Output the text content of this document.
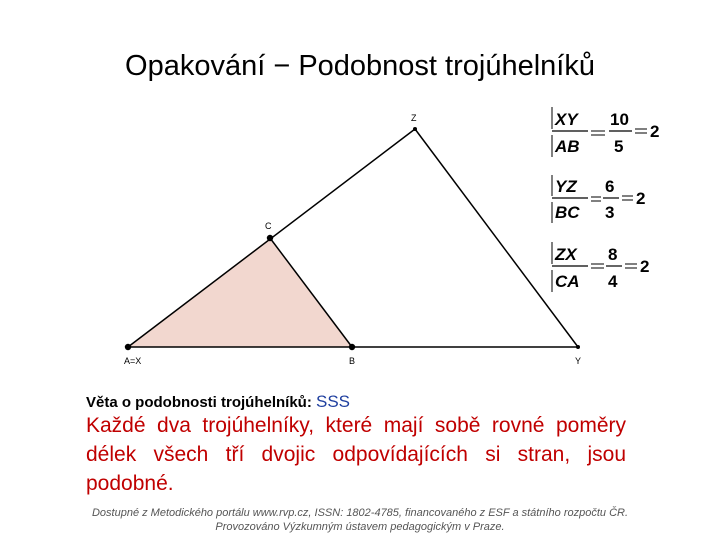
Opakování − Podobnost trojúhelníků
Z
C
A=X	B	Y
XY
AB
10
5
2
YZ
BC
6
3
2
ZX
CA
8
4
2
Věta o podobnosti trojúhelníků: SSS
Každé dva trojúhelníky, které mají sobě rovné poměry délek všech tří dvojic odpovídajících si stran, jsou podobné.
Dostupné z Metodického portálu www.rvp.cz, ISSN: 1802-4785, financovaného z ESF a státního rozpočtu ČR.
Provozováno Výzkumným ústavem pedagogickým v Praze.
